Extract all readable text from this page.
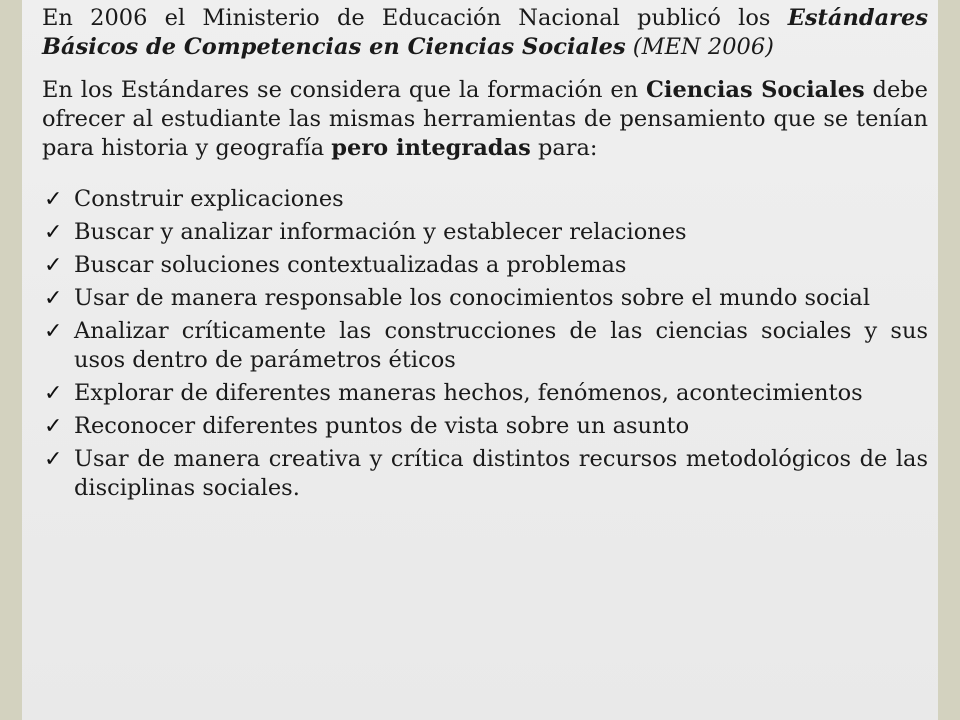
En 2006 el Ministerio de Educación Nacional publicó los Estándares Básicos de Competencias en Ciencias Sociales (MEN 2006)

En los Estándares se considera que la formación en Ciencias Sociales debe ofrecer al estudiante las mismas herramientas de pensamiento que se tenían para historia y geografía pero integradas para:

✓ Construir explicaciones
✓ Buscar y analizar información y establecer relaciones
✓ Buscar soluciones contextualizadas a problemas
✓ Usar de manera responsable los conocimientos sobre el mundo social
✓ Analizar críticamente las construcciones de las ciencias sociales y sus usos dentro de parámetros éticos
✓ Explorar de diferentes maneras hechos, fenómenos, acontecimientos
✓ Reconocer diferentes puntos de vista sobre un asunto
✓ Usar de manera creativa y crítica distintos recursos metodológicos de las disciplinas sociales.
